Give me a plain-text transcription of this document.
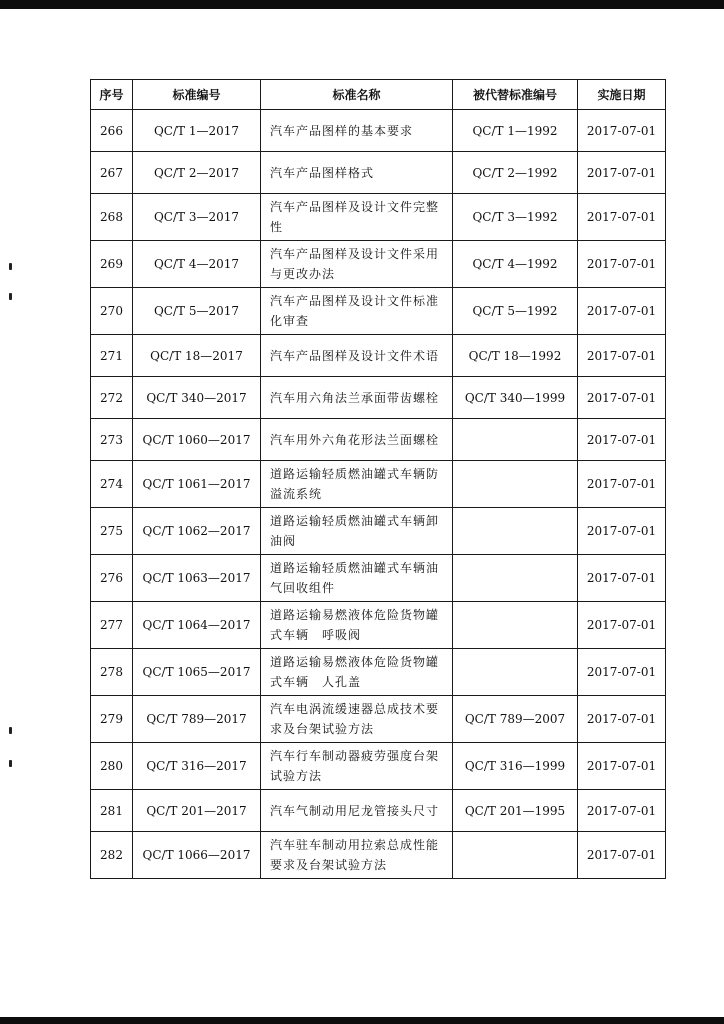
序号	标准编号	标准名称	被代替标准编号	实施日期
266	QC/T 1—2017	汽车产品图样的基本要求	QC/T 1—1992	2017-07-01
267	QC/T 2—2017	汽车产品图样格式	QC/T 2—1992	2017-07-01
268	QC/T 3—2017	汽车产品图样及设计文件完整性	QC/T 3—1992	2017-07-01
269	QC/T 4—2017	汽车产品图样及设计文件采用与更改办法	QC/T 4—1992	2017-07-01
270	QC/T 5—2017	汽车产品图样及设计文件标准化审查	QC/T 5—1992	2017-07-01
271	QC/T 18—2017	汽车产品图样及设计文件术语	QC/T 18—1992	2017-07-01
272	QC/T 340—2017	汽车用六角法兰承面带齿螺栓	QC/T 340—1999	2017-07-01
273	QC/T 1060—2017	汽车用外六角花形法兰面螺栓		2017-07-01
274	QC/T 1061—2017	道路运输轻质燃油罐式车辆防溢流系统		2017-07-01
275	QC/T 1062—2017	道路运输轻质燃油罐式车辆卸油阀		2017-07-01
276	QC/T 1063—2017	道路运输轻质燃油罐式车辆油气回收组件		2017-07-01
277	QC/T 1064—2017	道路运输易燃液体危险货物罐式车辆　呼吸阀		2017-07-01
278	QC/T 1065—2017	道路运输易燃液体危险货物罐式车辆　人孔盖		2017-07-01
279	QC/T 789—2017	汽车电涡流缓速器总成技术要求及台架试验方法	QC/T 789—2007	2017-07-01
280	QC/T 316—2017	汽车行车制动器疲劳强度台架试验方法	QC/T 316—1999	2017-07-01
281	QC/T 201—2017	汽车气制动用尼龙管接头尺寸	QC/T 201—1995	2017-07-01
282	QC/T 1066—2017	汽车驻车制动用拉索总成性能要求及台架试验方法		2017-07-01
